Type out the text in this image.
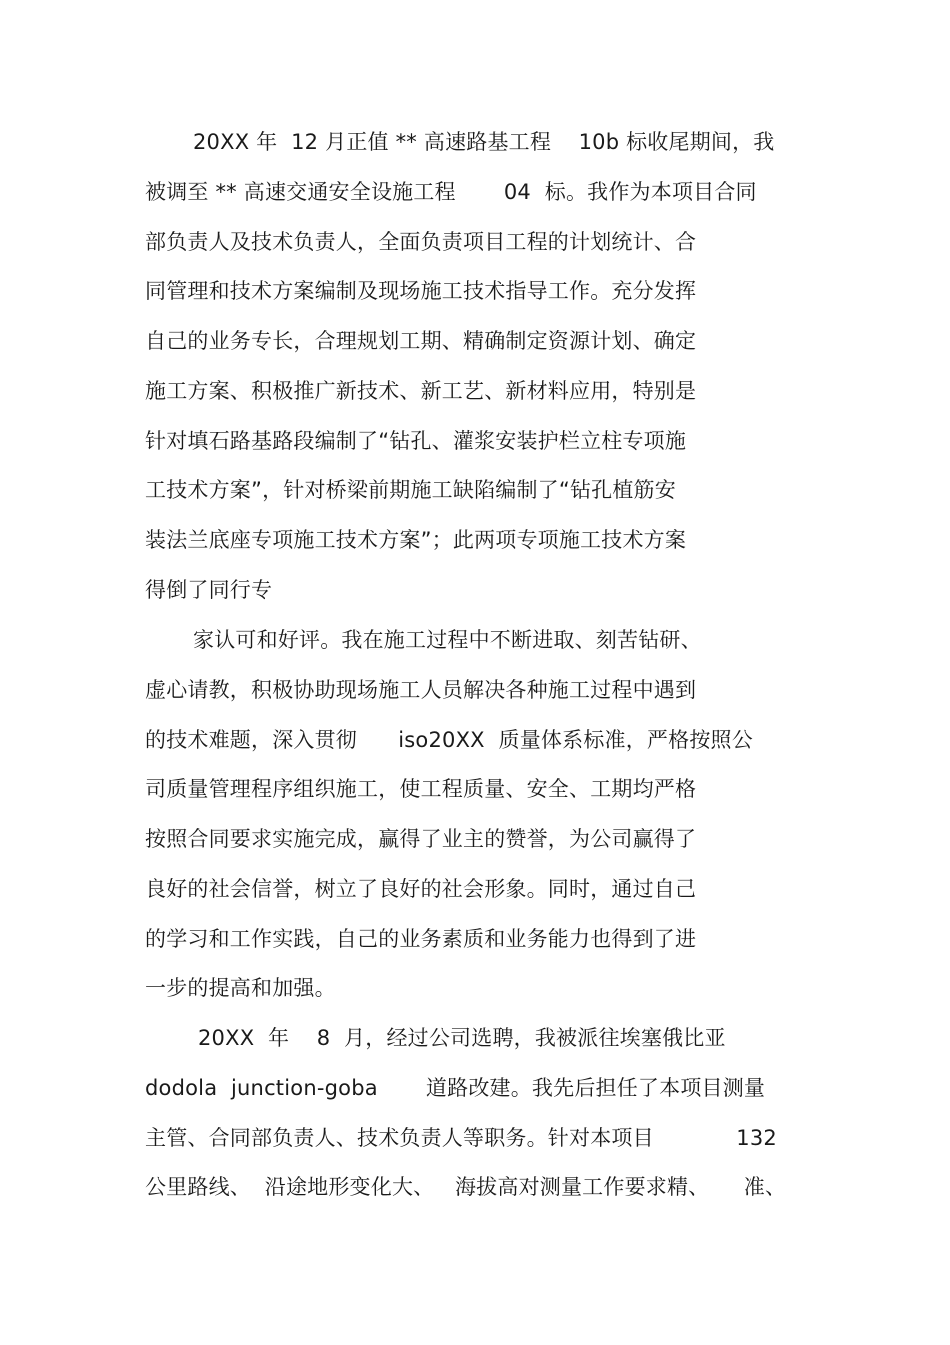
20XX 年  12 月正值 ** 高速路基工程    10b 标收尾期间，我
被调至 ** 高速交通安全设施工程       04  标。我作为本项目合同
部负责人及技术负责人，全面负责项目工程的计划统计、合
同管理和技术方案编制及现场施工技术指导工作。充分发挥
自己的业务专长，合理规划工期、精确制定资源计划、确定
施工方案、积极推广新技术、新工艺、新材料应用，特别是
针对填石路基路段编制了“钻孔、灌浆安装护栏立柱专项施
工技术方案”，针对桥梁前期施工缺陷编制了“钻孔植筋安
装法兰底座专项施工技术方案”；此两项专项施工技术方案
得倒了同行专
家认可和好评。我在施工过程中不断进取、刻苦钻研、
虚心请教，积极协助现场施工人员解决各种施工过程中遇到
的技术难题，深入贯彻      iso20XX  质量体系标准，严格按照公
司质量管理程序组织施工，使工程质量、安全、工期均严格
按照合同要求实施完成，赢得了业主的赞誉，为公司赢得了
良好的社会信誉，树立了良好的社会形象。同时，通过自己
的学习和工作实践，自己的业务素质和业务能力也得到了进
一步的提高和加强。
20XX  年    8  月，经过公司选聘，我被派往埃塞俄比亚
dodola  junction-goba       道路改建。我先后担任了本项目测量
主管、合同部负责人、技术负责人等职务。针对本项目            132
公里路线、  沿途地形变化大、   海拔高对测量工作要求精、     准、
